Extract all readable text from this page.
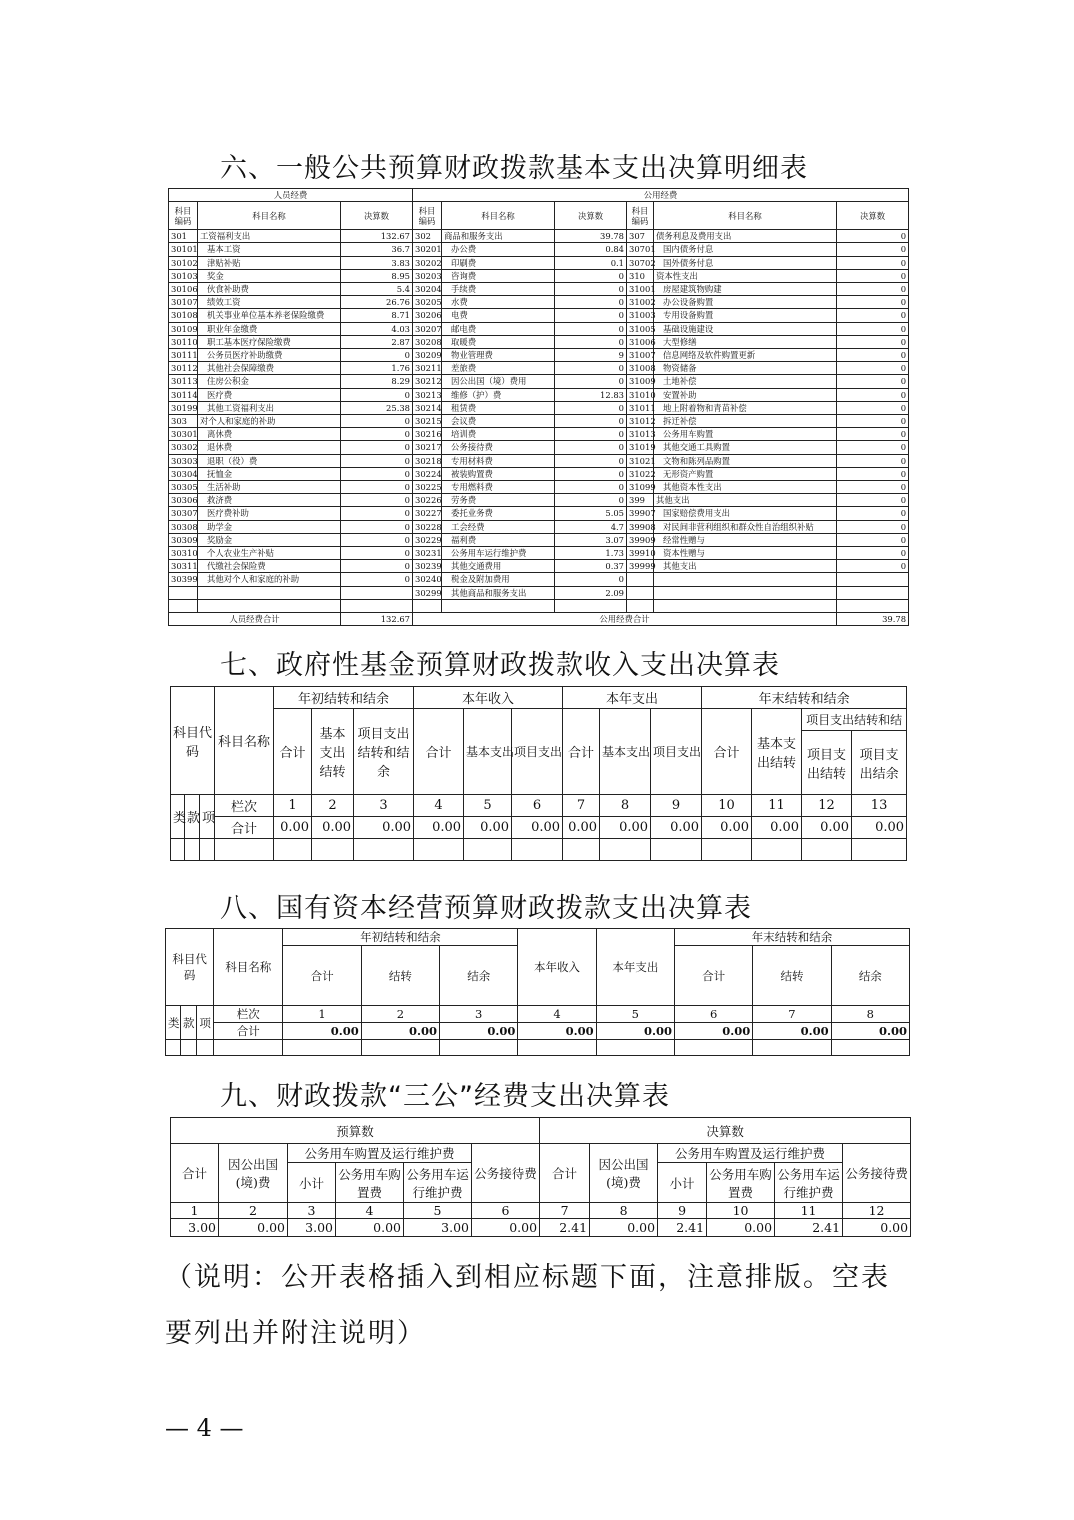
六、一般公共预算财政拨款基本支出决算明细表
人员经费			公用经费					
科目编码	科目名称	决算数	科目编码	科目名称	决算数	科目编码	科目名称	决算数
301	工资福利支出	132.67	302	商品和服务支出	39.78	307	债务利息及费用支出	0
30101	基本工资	36.7	30201	办公费	0.84	30701	国内债务付息	0
30102	津贴补贴	3.83	30202	印刷费	0.1	30702	国外债务付息	0
30103	奖金	8.95	30203	咨询费	0	310	资本性支出	0
30106	伙食补助费	5.4	30204	手续费	0	31001	房屋建筑物购建	0
30107	绩效工资	26.76	30205	水费	0	31002	办公设备购置	0
30108	机关事业单位基本养老保险缴费	8.71	30206	电费	0	31003	专用设备购置	0
30109	职业年金缴费	4.03	30207	邮电费	0	31005	基础设施建设	0
30110	职工基本医疗保险缴费	2.87	30208	取暖费	0	31006	大型修缮	0
30111	公务员医疗补助缴费	0	30209	物业管理费	9	31007	信息网络及软件购置更新	0
30112	其他社会保障缴费	1.76	30211	差旅费	0	31008	物资储备	0
30113	住房公积金	8.29	30212	因公出国（境）费用	0	31009	土地补偿	0
30114	医疗费	0	30213	维修（护）费	12.83	31010	安置补助	0
30199	其他工资福利支出	25.38	30214	租赁费	0	31011	地上附着物和青苗补偿	0
303	对个人和家庭的补助	0	30215	会议费	0	31012	拆迁补偿	0
30301	离休费	0	30216	培训费	0	31013	公务用车购置	0
30302	退休费	0	30217	公务接待费	0	31019	其他交通工具购置	0
30303	退职（役）费	0	30218	专用材料费	0	31021	文物和陈列品购置	0
30304	抚恤金	0	30224	被装购置费	0	31022	无形资产购置	0
30305	生活补助	0	30225	专用燃料费	0	31099	其他资本性支出	0
30306	救济费	0	30226	劳务费	0	399	其他支出	0
30307	医疗费补助	0	30227	委托业务费	5.05	39907	国家赔偿费用支出	0
30308	助学金	0	30228	工会经费	4.7	39908	对民间非营利组织和群众性自治组织补贴	0
30309	奖励金	0	30229	福利费	3.07	39909	经常性赠与	0
30310	个人农业生产补贴	0	30231	公务用车运行维护费	1.73	39910	资本性赠与	0
30311	代缴社会保险费	0	30239	其他交通费用	0.37	39999	其他支出	0
30399	其他对个人和家庭的补助	0	30240	税金及附加费用	0			
			30299	其他商品和服务支出	2.09			

人员经费合计		132.67	公用经费合计					39.78
七、政府性基金预算财政拨款收入支出决算表
科目代码			科目名称	年初结转和结余			本年收入			本年支出			年末结转和结余			
				合计	基本支出结转	项目支出结转和结余	合计	基本支出	项目支出	合计	基本支出	项目支出	合计	基本支出结转	项目支出结转和结	
															项目支出结转	项目支出结余
类	款	项	栏次	1	2	3	4	5	6	7	8	9	10	11	12	13
			合计	0.00	0.00	0.00	0.00	0.00	0.00	0.00	0.00	0.00	0.00	0.00	0.00	0.00

八、国有资本经营预算财政拨款支出决算表
科目代码			科目名称	年初结转和结余			本年收入	本年支出	年末结转和结余		
				合计	结转	结余			合计	结转	结余
类	款	项	栏次	1	2	3	4	5	6	7	8
			合计	0.00	0.00	0.00	0.00	0.00	0.00	0.00	0.00

九、财政拨款“三公”经费支出决算表
预算数						决算数					
合计	因公出国(境)费	公务用车购置及运行维护费			公务接待费	合计	因公出国(境)费	公务用车购置及运行维护费			公务接待费
		小计	公务用车购置费	公务用车运行维护费				小计	公务用车购置费	公务用车运行维护费	
1	2	3	4	5	6	7	8	9	10	11	12
3.00	0.00	3.00	0.00	3.00	0.00	2.41	0.00	2.41	0.00	2.41	0.00
（说明：公开表格插入到相应标题下面，注意排版。空表要列出并附注说明）
— 4 —
